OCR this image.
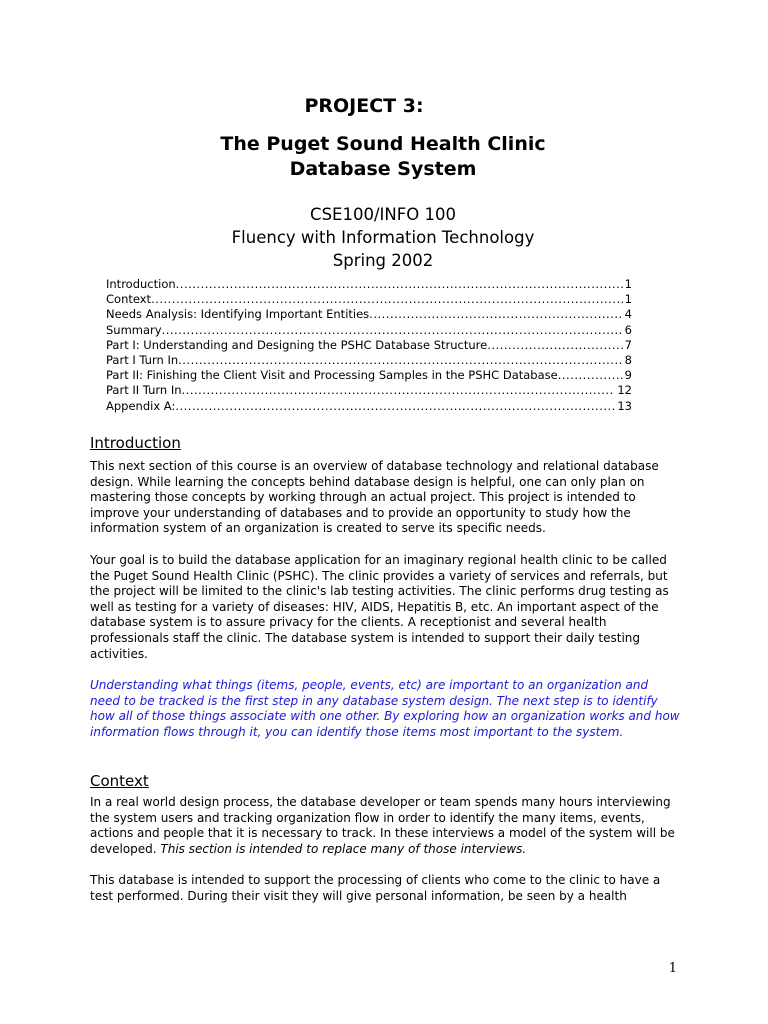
PROJECT 3:
The Puget Sound Health Clinic
Database System
CSE100/INFO 100
Fluency with Information Technology
Spring 2002
Introduction .....	1
Context .....	1
Needs Analysis: Identifying Important Entities .....	4
Summary .....	6
Part I: Understanding and Designing the PSHC Database Structure .....	7
Part I Turn In .....	8
Part II: Finishing the Client Visit and Processing Samples in the PSHC Database .....	9
Part II Turn In .....	12
Appendix A: .....	13
Introduction

This next section of this course is an overview of database technology and relational database design. While learning the concepts behind database design is helpful, one can only plan on mastering those concepts by working through an actual project. This project is intended to improve your understanding of databases and to provide an opportunity to study how the information system of an organization is created to serve its specific needs.

Your goal is to build the database application for an imaginary regional health clinic to be called the Puget Sound Health Clinic (PSHC). The clinic provides a variety of services and referrals, but the project will be limited to the clinic's lab testing activities. The clinic performs drug testing as well as testing for a variety of diseases: HIV, AIDS, Hepatitis B, etc. An important aspect of the database system is to assure privacy for the clients. A receptionist and several health professionals staff the clinic. The database system is intended to support their daily testing activities.

Understanding what things (items, people, events, etc) are important to an organization and need to be tracked is the first step in any database system design. The next step is to identify how all of those things associate with one other. By exploring how an organization works and how information flows through it, you can identify those items most important to the system.

Context

In a real world design process, the database developer or team spends many hours interviewing the system users and tracking organization flow in order to identify the many items, events, actions and people that it is necessary to track. In these interviews a model of the system will be developed. This section is intended to replace many of those interviews.

This database is intended to support the processing of clients who come to the clinic to have a test performed. During their visit they will give personal information, be seen by a health

1
